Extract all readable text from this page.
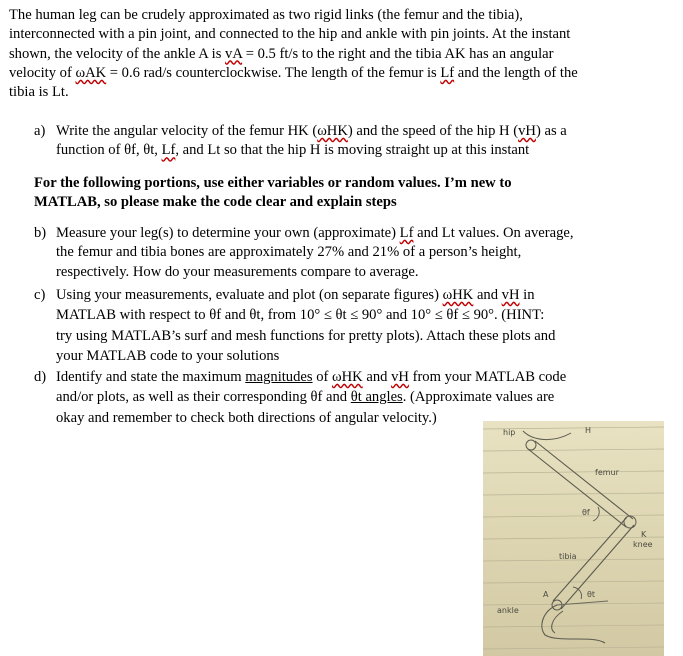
The human leg can be crudely approximated as two rigid links (the femur and the tibia),
interconnected with a pin joint, and connected to the hip and ankle with pin joints. At the instant
shown, the velocity of the ankle A is vA = 0.5 ft/s to the right and the tibia AK has an angular
velocity of ωAK = 0.6 rad/s counterclockwise. The length of the femur is Lf and the length of the
tibia is Lt.
a) Write the angular velocity of the femur HK (ωHK) and the speed of the hip H (vH) as a
function of θf, θt, Lf, and Lt so that the hip H is moving straight up at this instant
For the following portions, use either variables or random values. I’m new to
MATLAB, so please make the code clear and explain steps
b) Measure your leg(s) to determine your own (approximate) Lf and Lt values. On average,
the femur and tibia bones are approximately 27% and 21% of a person’s height,
respectively. How do your measurements compare to average.
c) Using your measurements, evaluate and plot (on separate figures) ωHK and vH in
MATLAB with respect to θf and θt, from 10° ≤ θt ≤ 90° and 10° ≤ θf ≤ 90°. (HINT:
try using MATLAB’s surf and mesh functions for pretty plots). Attach these plots and
your MATLAB code to your solutions
d) Identify and state the maximum magnitudes of ωHK and vH from your MATLAB code
and/or plots, as well as their corresponding θf and θt angles. (Approximate values are
okay and remember to check both directions of angular velocity.)
hip	H
femur
θf
K
knee
tibia
A	θt
ankle
